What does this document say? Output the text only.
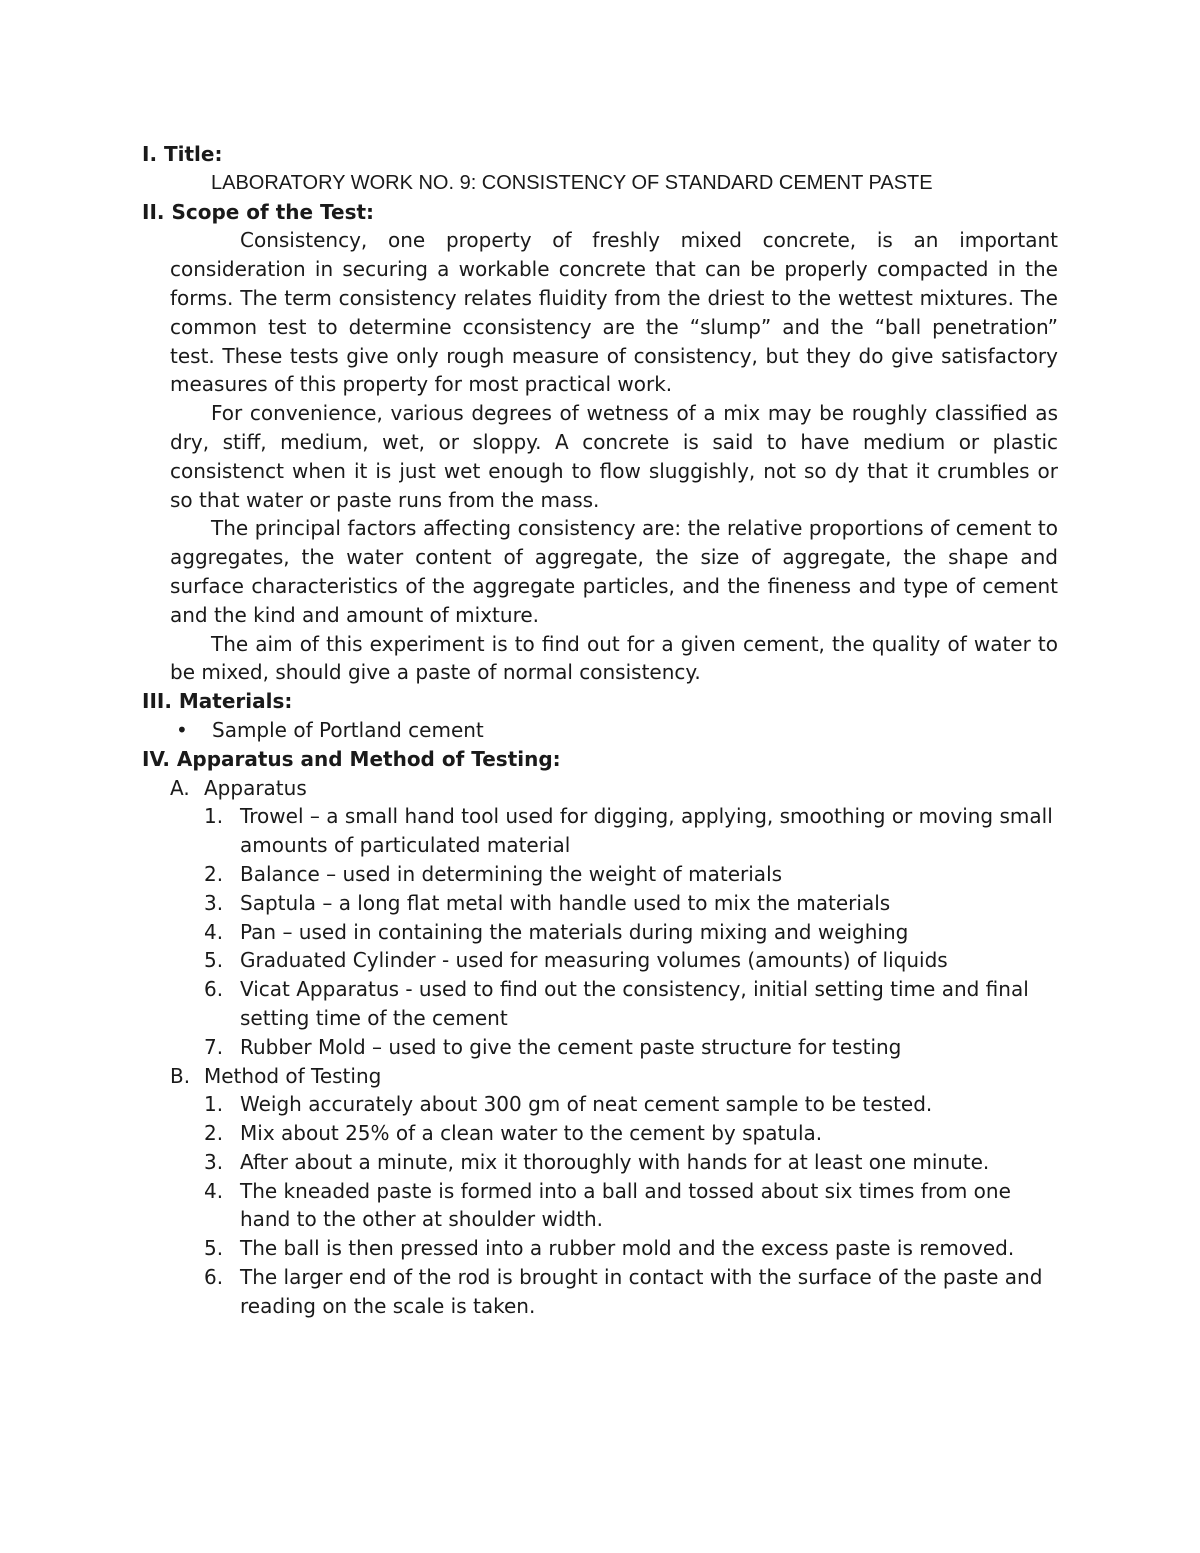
I. Title:

LABORATORY WORK NO. 9: CONSISTENCY OF STANDARD CEMENT PASTE

II. Scope of the Test:

Consistency, one property of freshly mixed concrete, is an important consideration in securing a workable concrete that can be properly compacted in the forms. The term consistency relates fluidity from the driest to the wettest mixtures. The common test to determine cconsistency are the “slump” and the “ball penetration” test. These tests give only rough measure of consistency, but they do give satisfactory measures of this property for most practical work.

For convenience, various degrees of wetness of a mix may be roughly classified as dry, stiff, medium, wet, or sloppy. A concrete is said to have medium or plastic consistenct when it is just wet enough to flow sluggishly, not so dy that it crumbles or so that water or paste runs from the mass.

The principal factors affecting consistency are: the relative proportions of cement to aggregates, the water content of aggregate, the size of aggregate, the shape and surface characteristics of the aggregate particles, and the fineness and type of cement and the kind and amount of mixture.

The aim of this experiment is to find out for a given cement, the quality of water to be mixed, should give a paste of normal consistency.

III. Materials:

• Sample of Portland cement

IV. Apparatus and Method of Testing:

A. Apparatus

1. Trowel – a small hand tool used for digging, applying, smoothing or moving small amounts of particulated material
2. Balance – used in determining the weight of materials
3. Saptula – a long flat metal with handle used to mix the materials
4. Pan – used in containing the materials during mixing and weighing
5. Graduated Cylinder - used for measuring volumes (amounts) of liquids
6. Vicat Apparatus - used to find out the consistency, initial setting time and final setting time of the cement
7. Rubber Mold – used to give the cement paste structure for testing

B. Method of Testing

1. Weigh accurately about 300 gm of neat cement sample to be tested.
2. Mix about 25% of a clean water to the cement by spatula.
3. After about a minute, mix it thoroughly with hands for at least one minute.
4. The kneaded paste is formed into a ball and tossed about six times from one hand to the other at shoulder width.
5. The ball is then pressed into a rubber mold and the excess paste is removed.
6. The larger end of the rod is brought in contact with the surface of the paste and reading on the scale is taken.
